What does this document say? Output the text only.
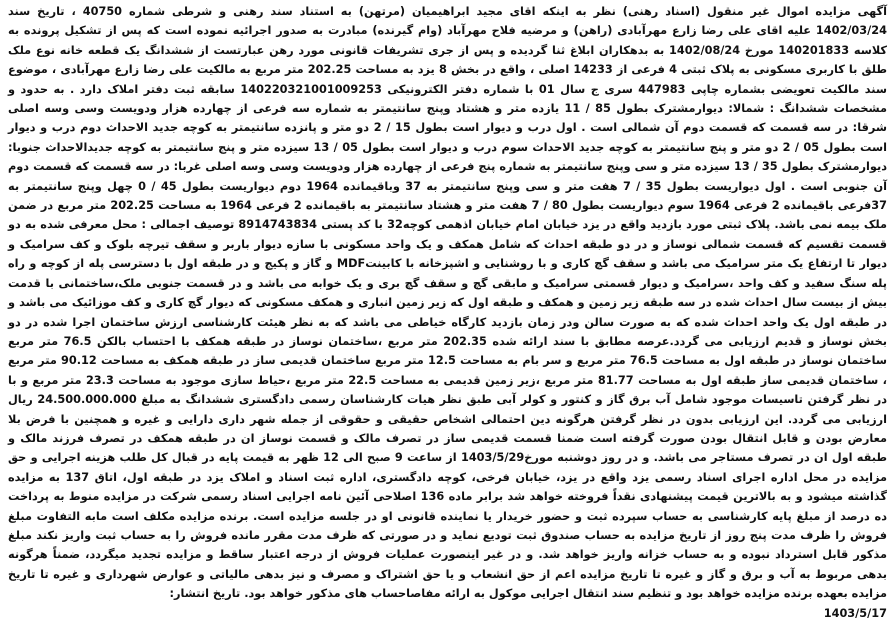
آگهی مزایده اموال غیر منقول (اسناد رهنی) نظر به اینکه اقای مجید ابراهیمیان (مرتهن) به استناد سند رهنی و شرطی شماره 40750 ، تاریخ سند 1402/03/24 علیه اقای علی رضا زارع مهرآبادی (راهن) و مرضیه فلاح مهرآباد (وام گیرنده) مبادرت به صدور اجرائیه نموده است که پس از تشکیل پرونده به کلاسه 140201833 مورخ 1402/08/24 به بدهکاران ابلاغ ثنا گردیده و پس از جری تشریفات قانونی مورد رهن عبارتست از ششدانگ یک قطعه خانه نوع ملک طلق با کاربری مسکونی به پلاک ثبتی 4 فرعی از 14233 اصلی ، واقع در بخش 8 یزد به مساحت 202.25 متر مربع به مالکیت علی رضا زارع مهرآبادی ، موضوع سند مالکیت تعویضی بشماره چاپی 447983 سری ج سال 01 با شماره دفتر الکترونیکی 140220321001009253 سابقه ثبت دفتر املاک دارد . به حدود و مشخصات ششدانگ : شمالا: دیوارمشترک بطول 85 / 11 یازده متر و هشتاد وپنج سانتیمتر به شماره سه فرعی از چهارده هزار ودویست وسی وسه اصلی شرقا: در سه قسمت که قسمت دوم آن شمالی است . اول درب و دیوار است بطول 15 / 2 دو متر و پانزده سانتیمتر به کوچه جدید الاحداث دوم درب و دیوار است بطول 05 / 2 دو متر و پنج سانتیمتر به کوچه جدید الاحداث سوم درب و دیوار است بطول 05 / 13 سیزده متر و پنج سانتیمتر به کوچه جدیدالاحداث جنوبا: دیوارمشترک بطول 35 / 13 سیزده متر و سی وپنج سانتیمتر به شماره پنج فرعی از چهارده هزار ودویست وسی وسه اصلی غربا: در سه قسمت که قسمت دوم آن جنوبی است . اول دیواریست بطول 35 / 7 هفت متر و سی وپنج سانتیمتر به 37 وباقیمانده 1964 دوم دیواریست بطول 45 / 0 چهل وپنج سانتیمتر به 37فرعی باقیمانده 2 فرعی 1964 سوم دیواریست بطول 80 / 7 هفت متر و هشتاد سانتیمتر به باقیمانده 2 فرعی 1964 به مساحت 202.25 متر مربع در ضمن ملک بیمه نمی باشد. پلاک ثبتی مورد بازدید واقع در یزد خیابان امام خیابان اذهمی کوچه32 با کد پستی 8914743834 توصیف اجمالی : محل معرفی شده به دو قسمت تقسیم که قسمت شمالی نوساز و در دو طبقه احداث که شامل همکف و یک واحد مسکونی با سازه دیوار باربر و سقف تیرچه بلوک و کف سرامیک و دیوار تا ارتفاع یک متر سرامیک می باشد و سقف گچ کاری و با روشنایی و اشپزخانه با کابینتMDF و گاز و پکیج و در طبقه اول با دسترسی پله از کوچه و راه پله سنگ سفید و کف واحد ،سرامیک و دیوار قسمتی سرامیک و مابقی گچ و سقف گچ بری و یک خوابه می باشد و در قسمت جنوبی ملک،ساختمانی با قدمت بیش از بیست سال احداث شده در سه طبقه زیر زمین و همکف و طبقه اول که زیر زمین انباری و همکف مسکونی که دیوار گچ کاری و کف موزائیک می باشد و در طبقه اول یک واحد احداث شده که به صورت سالن ودر زمان بازدید کارگاه خیاطی می باشد که به نظر هیئت کارشناسی ارزش ساختمان اجرا شده در دو بخش نوساز و قدیم ارزیابی می گردد.عرصه مطابق با سند ارائه شده 202.35 متر مربع ،ساختمان نوساز در طبقه همکف با احتساب بالکن 76.5 متر مربع ساختمان نوساز در طبقه اول به مساحت 76.5 متر مربع و سر بام به مساحت 12.5 متر مربع ساختمان قدیمی ساز در طبقه همکف به مساحت 90.12 متر مربع ، ساختمان قدیمی ساز طبقه اول به مساحت 81.77 متر مربع ،زیر زمین قدیمی به مساحت 22.5 متر مربع ،حیاط سازی موجود به مساحت 23.3 متر مربع و با در نظر گرفتن تاسیسات موجود شامل آب برق گاز و کنتور و کولر آبی طبق نظر هیات کارشناسان رسمی دادگستری ششدانگ به مبلغ 24.500.000.000 ریال ارزیابی می گردد. این ارزیابی بدون در نظر گرفتن هرگونه دین احتمالی اشخاص حقیقی و حقوقی از جمله شهر داری دارایی و غیره و همچنین با فرض بلا معارض بودن و قابل انتقال بودن صورت گرفته است ضمنا قسمت قدیمی ساز در تصرف مالک و قسمت نوساز ان در طبقه همکف در تصرف فرزند مالک و طبقه اول ان در تصرف مستاجر می باشد. و در روز دوشنبه مورخ1403/5/29 از ساعت 9 صبح الی 12 ظهر به قیمت پایه در قبال کل طلب هزینه اجرایی و حق مزایده در محل اداره اجرای اسناد رسمی یزد واقع در یزد، خیابان فرخی، کوچه دادگستری، اداره ثبت اسناد و املاک یزد در طبقه اول، اتاق 137 به مزایده گذاشته میشود و به بالاترین قیمت پیشنهادی نقداً فروخته خواهد شد برابر ماده 136 اصلاحی آئین نامه اجرایی اسناد رسمی شرکت در مزایده منوط به پرداخت ده درصد از مبلغ پایه کارشناسی به حساب سپرده ثبت و حضور خریدار یا نماینده قانونی او در جلسه مزایده است. برنده مزایده مکلف است مابه التفاوت مبلغ فروش را ظرف مدت پنج روز از تاریخ مزایده به حساب صندوق ثبت تودیع نماید و در صورتی که ظرف مدت مقرر مانده فروش را به حساب ثبت واریز نکند مبلغ مذکور قابل استرداد نبوده و به حساب خزانه واریز خواهد شد. و در غیر اینصورت عملیات فروش از درجه اعتبار ساقط و مزایده تجدید میگردد، ضمناً هرگونه بدهی مربوط به آب و برق و گاز و غیره تا تاریخ مزایده اعم از حق انشعاب و یا حق اشتراک و مصرف و نیز بدهی مالیاتی و عوارض شهرداری و غیره تا تاریخ مزایده بعهده برنده مزایده خواهد بود و تنظیم سند انتقال اجرایی موکول به ارائه مفاصاحساب های مذکور خواهد بود. تاریخ انتشار:

1403/5/17
